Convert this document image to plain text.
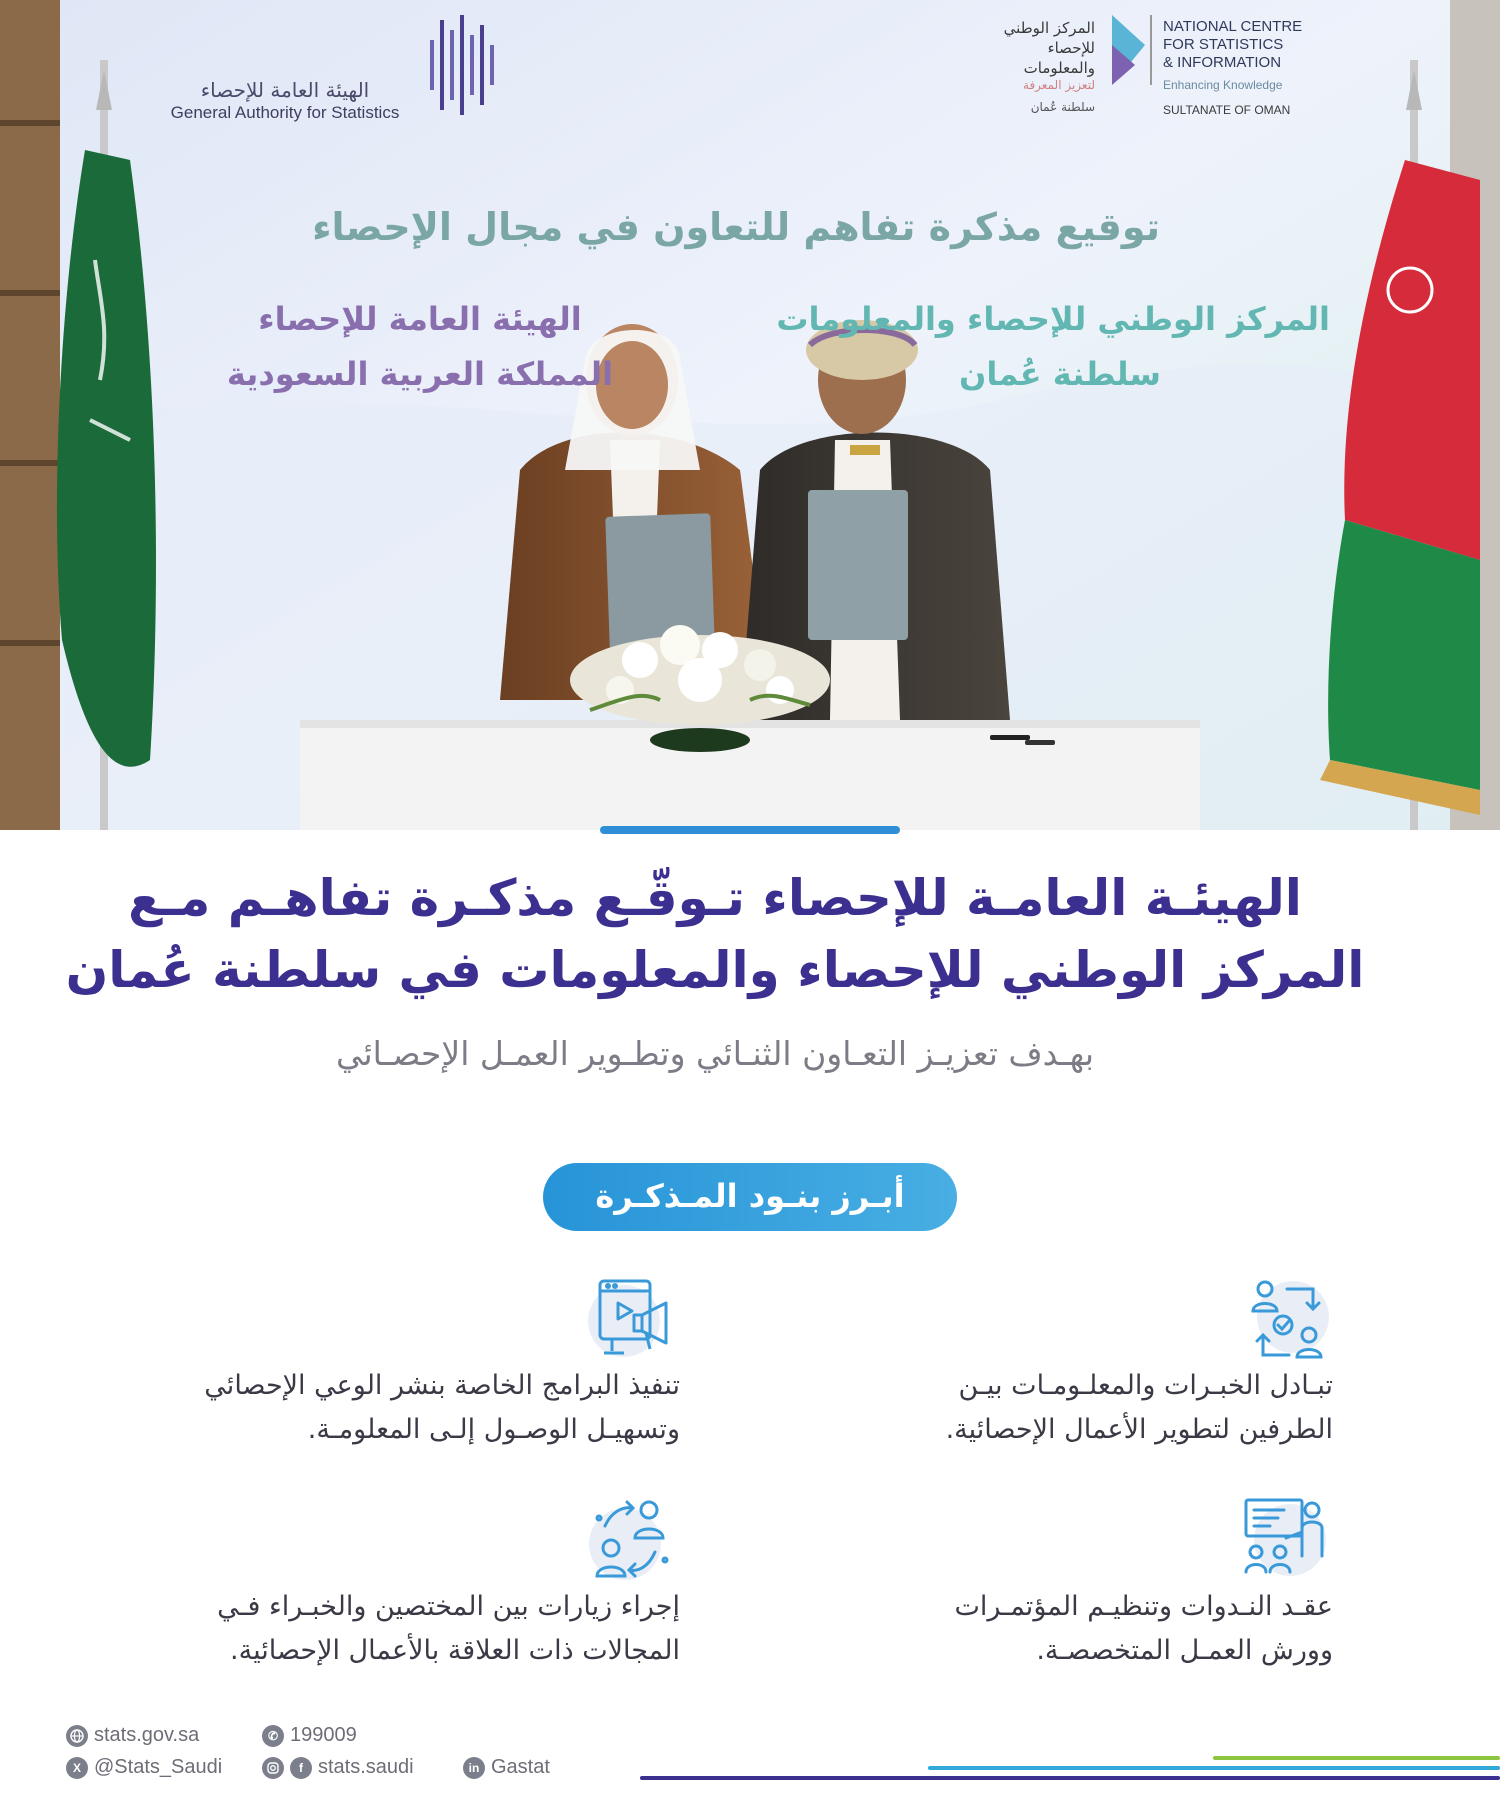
الهيئة العامة للإحصاء
General Authority for Statistics
المركز الوطني للإحصاء والمعلومات
لتعزيز المعرفة
سلطنة عُمان
NATIONAL CENTRE
FOR STATISTICS
& INFORMATION
Enhancing Knowledge
SULTANATE OF OMAN
توقيع مذكرة تفاهم للتعاون في مجال الإحصاء
الهيئة العامة للإحصاء
المملكة العربية السعودية
المركز الوطني للإحصاء والمعلومات
سلطنة عُمان
الهيئـة العامـة للإحصاء تـوقّـع مذكـرة تفاهـم مـع
المركز الوطني للإحصاء والمعلومات في سلطنة عُمان
بهـدف تعزيـز التعـاون الثنـائي وتطـوير العمـل الإحصـائي
أبـرز بنـود المـذكـرة
تبـادل الخبـرات والمعلـومـات بيـن
الطرفين لتطوير الأعمال الإحصائية.
تنفيذ البرامج الخاصة بنشر الوعي الإحصائي
وتسهيـل الوصـول إلـى المعلومـة.
عقـد النـدوات وتنظيـم المؤتمـرات
وورش العمـل المتخصصـة.
إجراء زيارات بين المختصين والخبـراء فـي
المجالات ذات العلاقة بالأعمال الإحصائية.
stats.gov.sa	✆ 199009
X @Stats_Saudi	f stats.saudi	in Gastat
